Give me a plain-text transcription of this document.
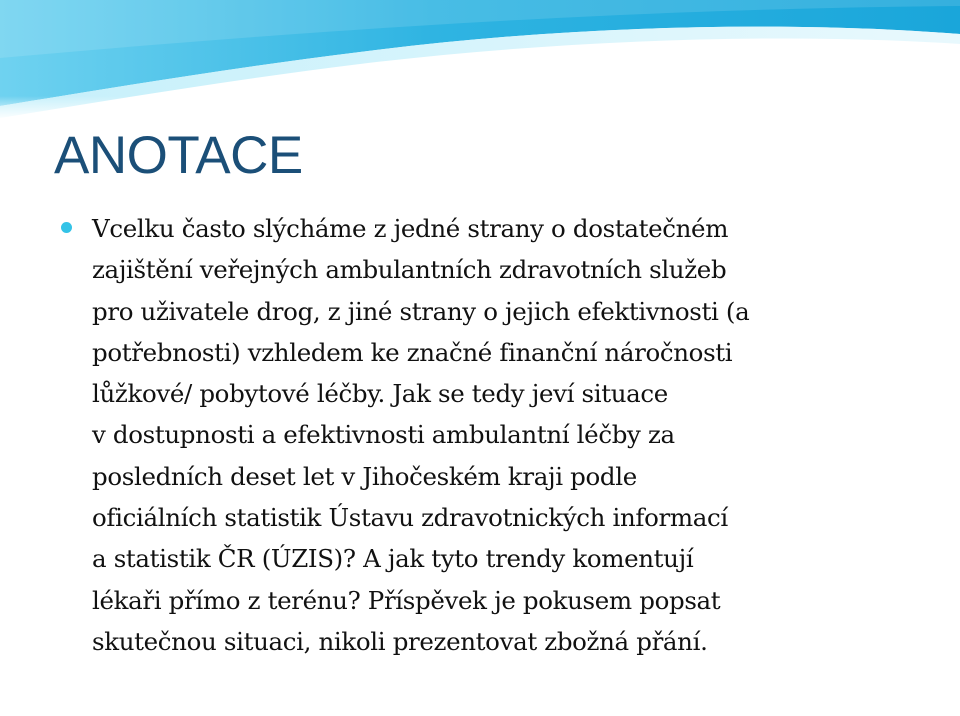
ANOTACE
Vcelku často slýcháme z jedné strany o dostatečném
zajištění veřejných ambulantních zdravotních služeb
pro uživatele drog, z jiné strany o jejich efektivnosti (a
potřebnosti) vzhledem ke značné finanční náročnosti
lůžkové/ pobytové léčby. Jak se tedy jeví situace
v dostupnosti a efektivnosti ambulantní léčby za
posledních deset let v Jihočeském kraji podle
oficiálních statistik Ústavu zdravotnických informací
a statistik ČR (ÚZIS)? A jak tyto trendy komentují
lékaři přímo z terénu? Příspěvek je pokusem popsat
skutečnou situaci, nikoli prezentovat zbožná přání.
